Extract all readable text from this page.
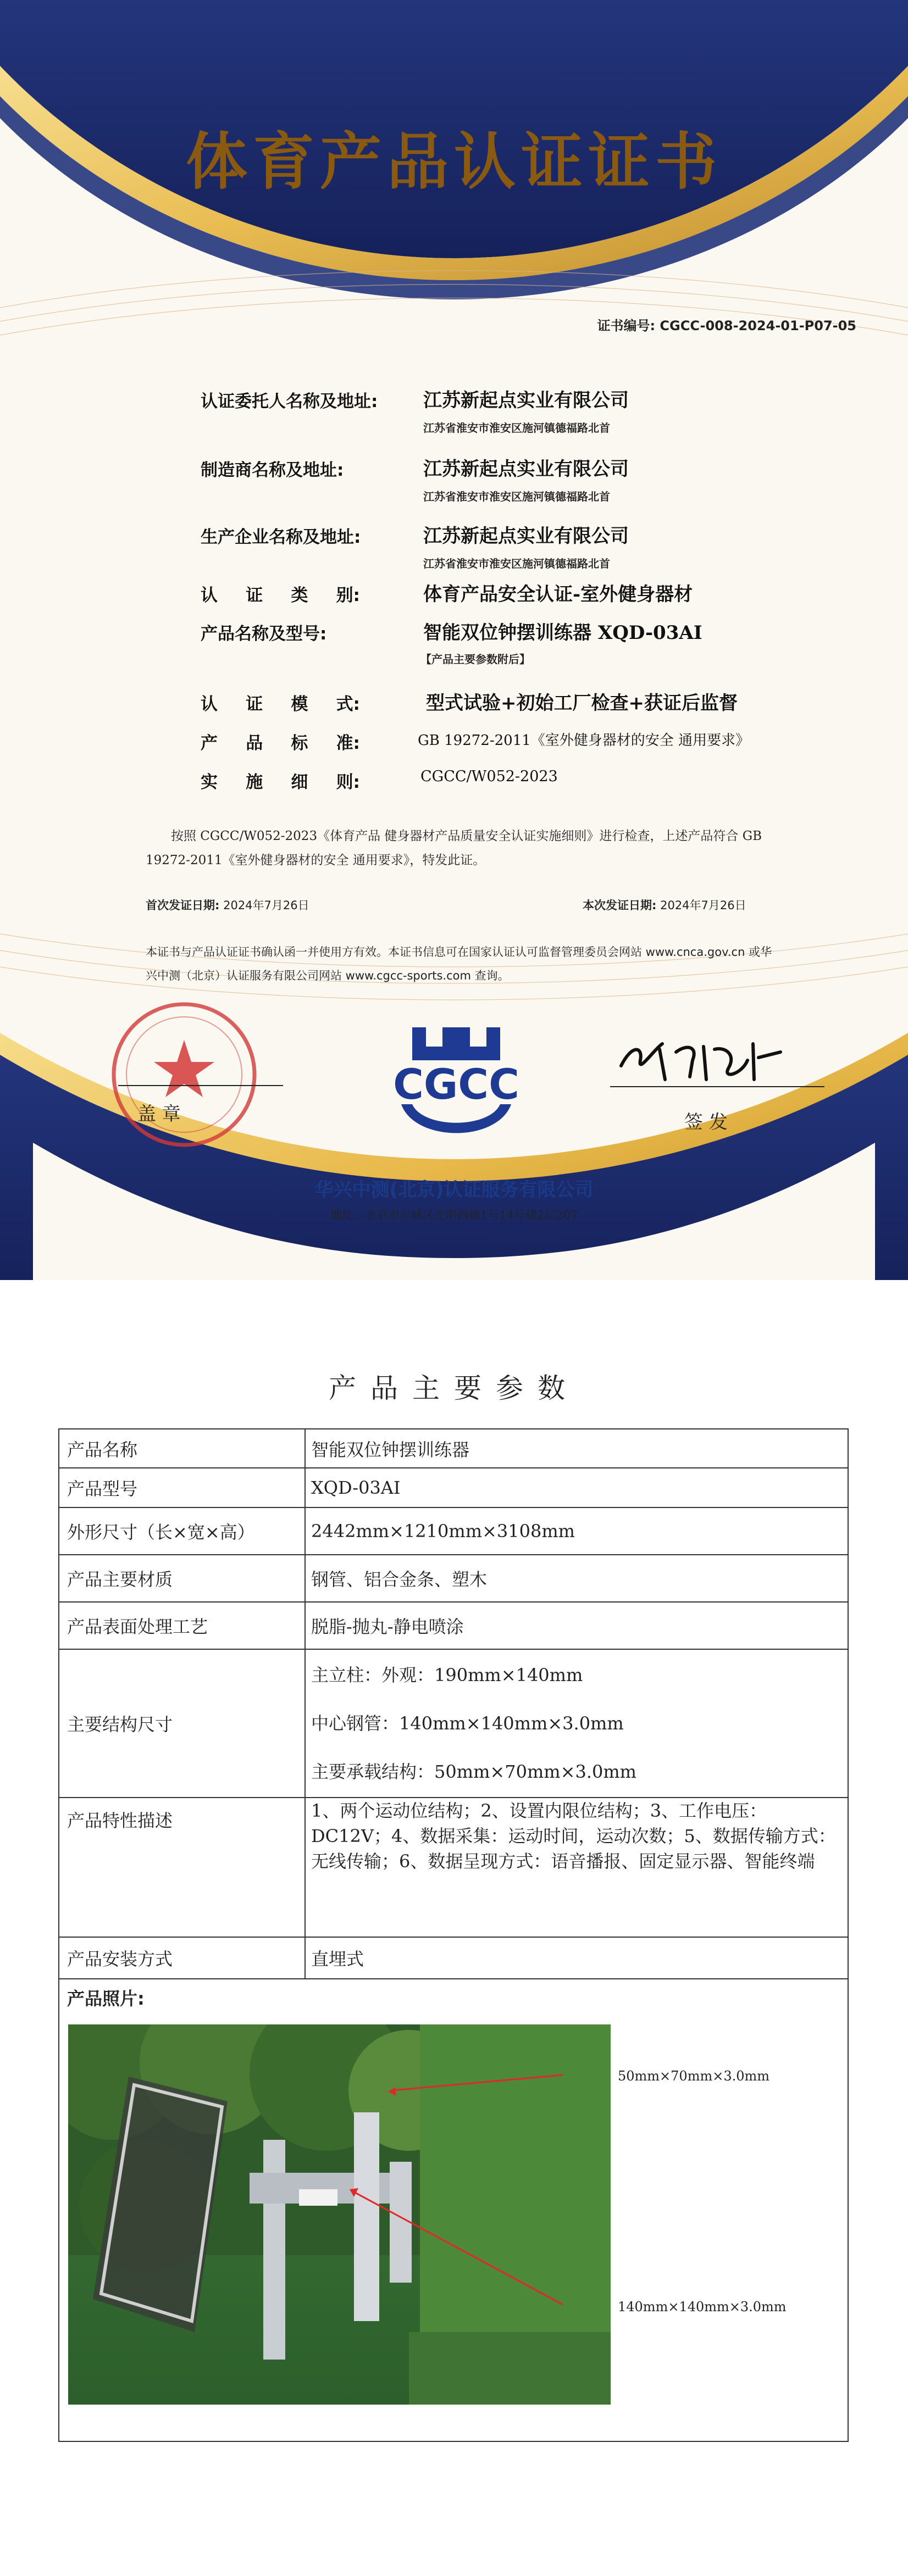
体育产品认证证书
证书编号: CGCC-008-2024-01-P07-05
认证委托人名称及地址: 江苏新起点实业有限公司
江苏省淮安市淮安区施河镇德福路北首
制造商名称及地址:	江苏新起点实业有限公司
江苏省淮安市淮安区施河镇德福路北首
生产企业名称及地址:	江苏新起点实业有限公司
江苏省淮安市淮安区施河镇德福路北首
认 证 类 别:	体育产品安全认证-室外健身器材
产品名称及型号:	智能双位钟摆训练器 XQD-03AI
【产品主要参数附后】
认 证 模 式:	型式试验+初始工厂检查+获证后监督
产 品 标 准:	GB 19272-2011《室外健身器材的安全 通用要求》
实 施 细 则:	CGCC/W052-2023
按照 CGCC/W052-2023《体育产品 健身器材产品质量安全认证实施细则》进行检查，上述产品符合 GB 19272-2011《室外健身器材的安全 通用要求》，特发此证。
首次发证日期: 2024年7月26日	本次发证日期: 2024年7月26日
本证书与产品认证证书确认函一并使用方有效。本证书信息可在国家认证认可监督管理委员会网站 www.cnca.gov.cn 或华兴中测（北京）认证服务有限公司网站 www.cgcc-sports.com 查询。
盖 章
CGCC
签 发
华兴中测(北京)认证服务有限公司
地址：北京市东城区光明西街1号14号楼2层207
产品主要参数
产品名称	智能双位钟摆训练器
产品型号	XQD-03AI
外形尺寸（长×宽×高）	2442mm×1210mm×3108mm
产品主要材质	钢管、铝合金条、塑木
产品表面处理工艺	脱脂-抛丸-静电喷涂
主要结构尺寸	主立柱：外观：190mm×140mm
中心钢管：140mm×140mm×3.0mm
主要承载结构：50mm×70mm×3.0mm

产品特性描述	1、两个运动位结构；2、设置内限位结构；3、工作电压：DC12V；4、数据采集：运动时间，运动次数；5、数据传输方式：无线传输；6、数据呈现方式：语音播报、固定显示器、智能终端
产品安装方式	直埋式

产品照片:
50mm×70mm×3.0mm
140mm×140mm×3.0mm	
